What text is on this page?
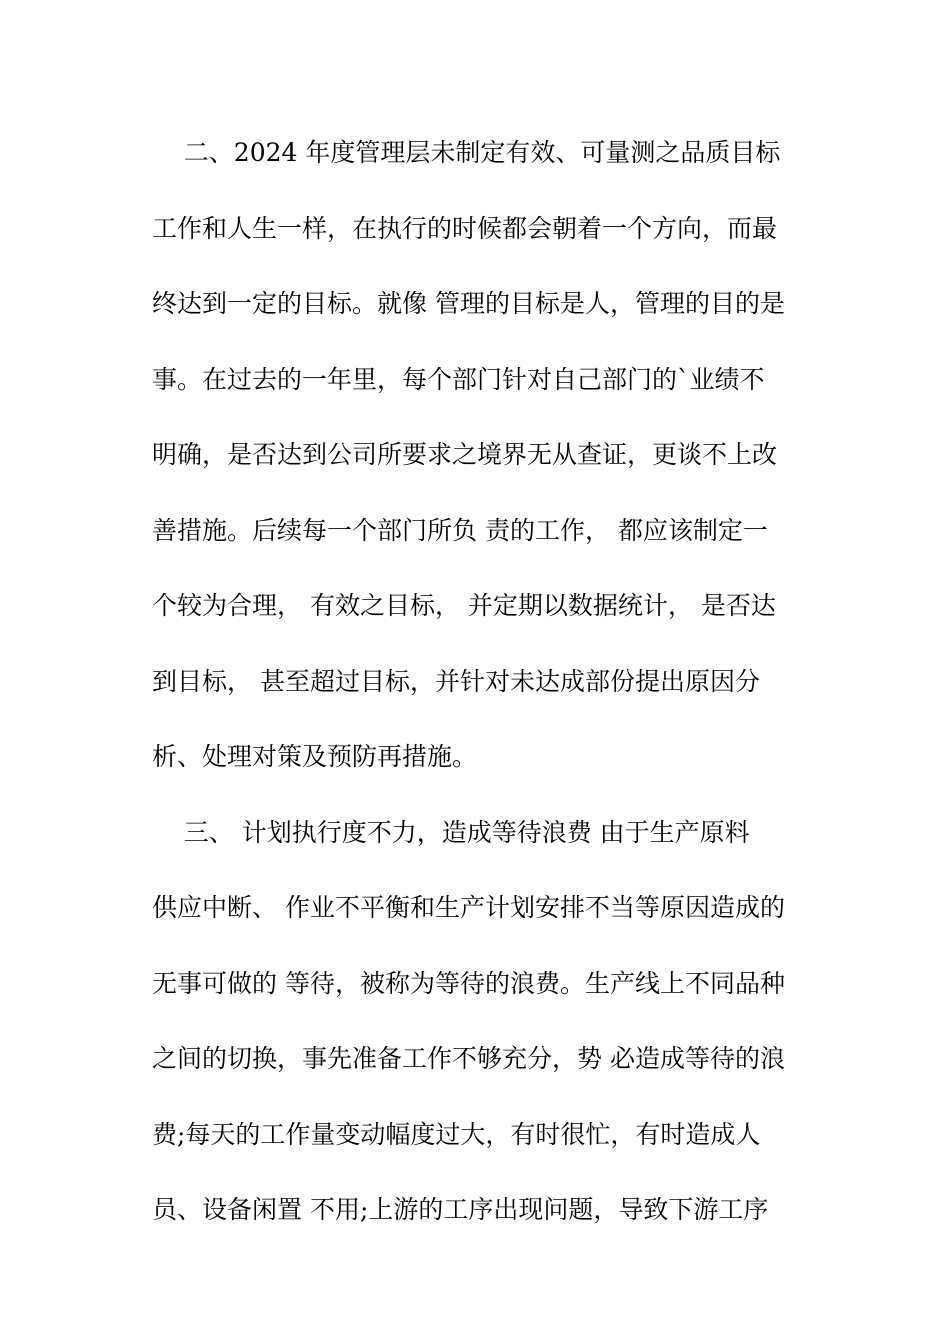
二、2024 年度管理层未制定有效、可量测之品质目标
工作和人生一样，在执行的时候都会朝着一个方向，而最
终达到一定的目标。就像 管理的目标是人，管理的目的是
事。在过去的一年里，每个部门针对自己部门的`业绩不
明确，是否达到公司所要求之境界无从查证，更谈不上改
善措施。后续每一个部门所负 责的工作， 都应该制定一
个较为合理， 有效之目标， 并定期以数据统计， 是否达
到目标， 甚至超过目标，并针对未达成部份提出原因分
析、处理对策及预防再措施。
三、 计划执行度不力，造成等待浪费 由于生产原料
供应中断、 作业不平衡和生产计划安排不当等原因造成的
无事可做的 等待，被称为等待的浪费。生产线上不同品种
之间的切换，事先准备工作不够充分，势 必造成等待的浪
费;每天的工作量变动幅度过大，有时很忙，有时造成人
员、设备闲置 不用;上游的工序出现问题，导致下游工序
